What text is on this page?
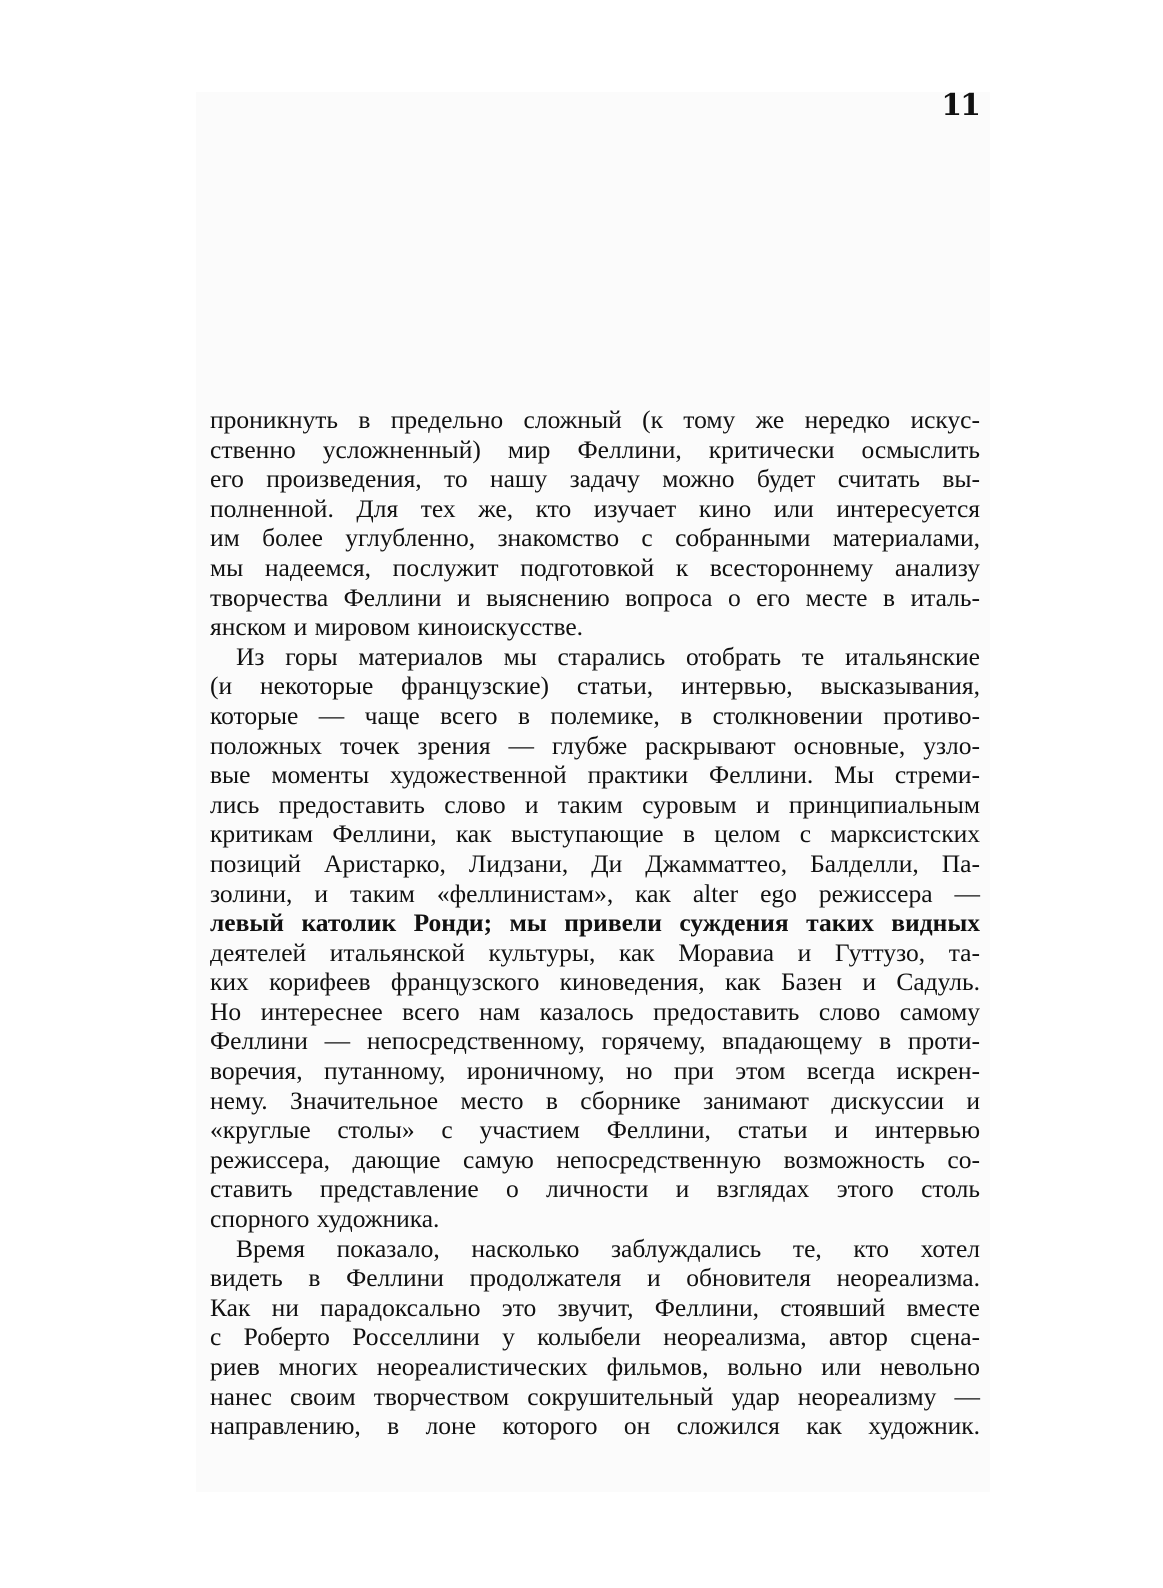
11

проникнуть в предельно сложный (к тому же нередко искус-
ственно усложненный) мир Феллини, критически осмыслить
его произведения, то нашу задачу можно будет считать вы-
полненной. Для тех же, кто изучает кино или интересуется
им более углубленно, знакомство с собранными материалами,
мы надеемся, послужит подготовкой к всестороннему анализу
творчества Феллини и выяснению вопроса о его месте в италь-
янском и мировом киноискусстве.

Из горы материалов мы старались отобрать те итальянские
(и некоторые французские) статьи, интервью, высказывания,
которые — чаще всего в полемике, в столкновении противо-
положных точек зрения — глубже раскрывают основные, узло-
вые моменты художественной практики Феллини. Мы стреми-
лись предоставить слово и таким суровым и принципиальным
критикам Феллини, как выступающие в целом с марксистских
позиций Аристарко, Лидзани, Ди Джамматтео, Балделли, Па-
золини, и таким «феллинистам», как alter ego режиссера —
левый католик Ронди; мы привели суждения таких видных
деятелей итальянской культуры, как Моравиа и Гуттузо, та-
ких корифеев французского киноведения, как Базен и Садуль.
Но интереснее всего нам казалось предоставить слово самому
Феллини — непосредственному, горячему, впадающему в проти-
воречия, путанному, ироничному, но при этом всегда искрен-
нему. Значительное место в сборнике занимают дискуссии и
«круглые столы» с участием Феллини, статьи и интервью
режиссера, дающие самую непосредственную возможность со-
ставить представление о личности и взглядах этого столь
спорного художника.

Время показало, насколько заблуждались те, кто хотел
видеть в Феллини продолжателя и обновителя неореализма.
Как ни парадоксально это звучит, Феллини, стоявший вместе
с Роберто Росселлини у колыбели неореализма, автор сцена-
риев многих неореалистических фильмов, вольно или невольно
нанес своим творчеством сокрушительный удар неореализму —
направлению, в лоне которого он сложился как художник.
